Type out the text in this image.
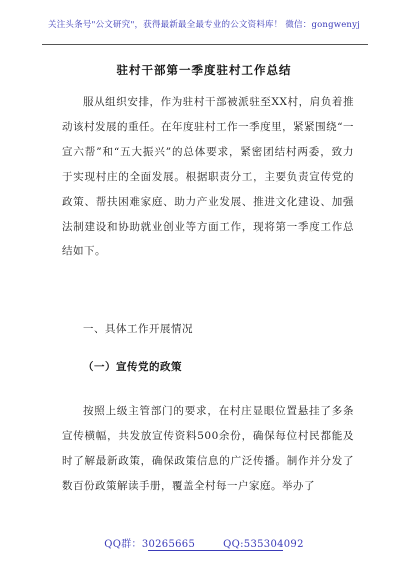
关注头条号"公文研究"，获得最新最全最专业的公文资料库！ 微信：gongwenyj
驻村干部第一季度驻村工作总结

服从组织安排，作为驻村干部被派驻至XX村，肩负着推动该村发展的重任。在年度驻村工作一季度里，紧紧围绕“一宣六帮”和“五大振兴”的总体要求，紧密团结村两委，致力于实现村庄的全面发展。根据职责分工，主要负责宣传党的政策、帮扶困难家庭、助力产业发展、推进文化建设、加强法制建设和协助就业创业等方面工作，现将第一季度工作总结如下。

一、具体工作开展情况

（一）宣传党的政策

按照上级主管部门的要求，在村庄显眼位置悬挂了多条宣传横幅，共发放宣传资料500余份，确保每位村民都能及时了解最新政策，确保政策信息的广泛传播。制作并分发了数百份政策解读手册，覆盖全村每一户家庭。举办了

QQ群：30265665	QQ:535304092
